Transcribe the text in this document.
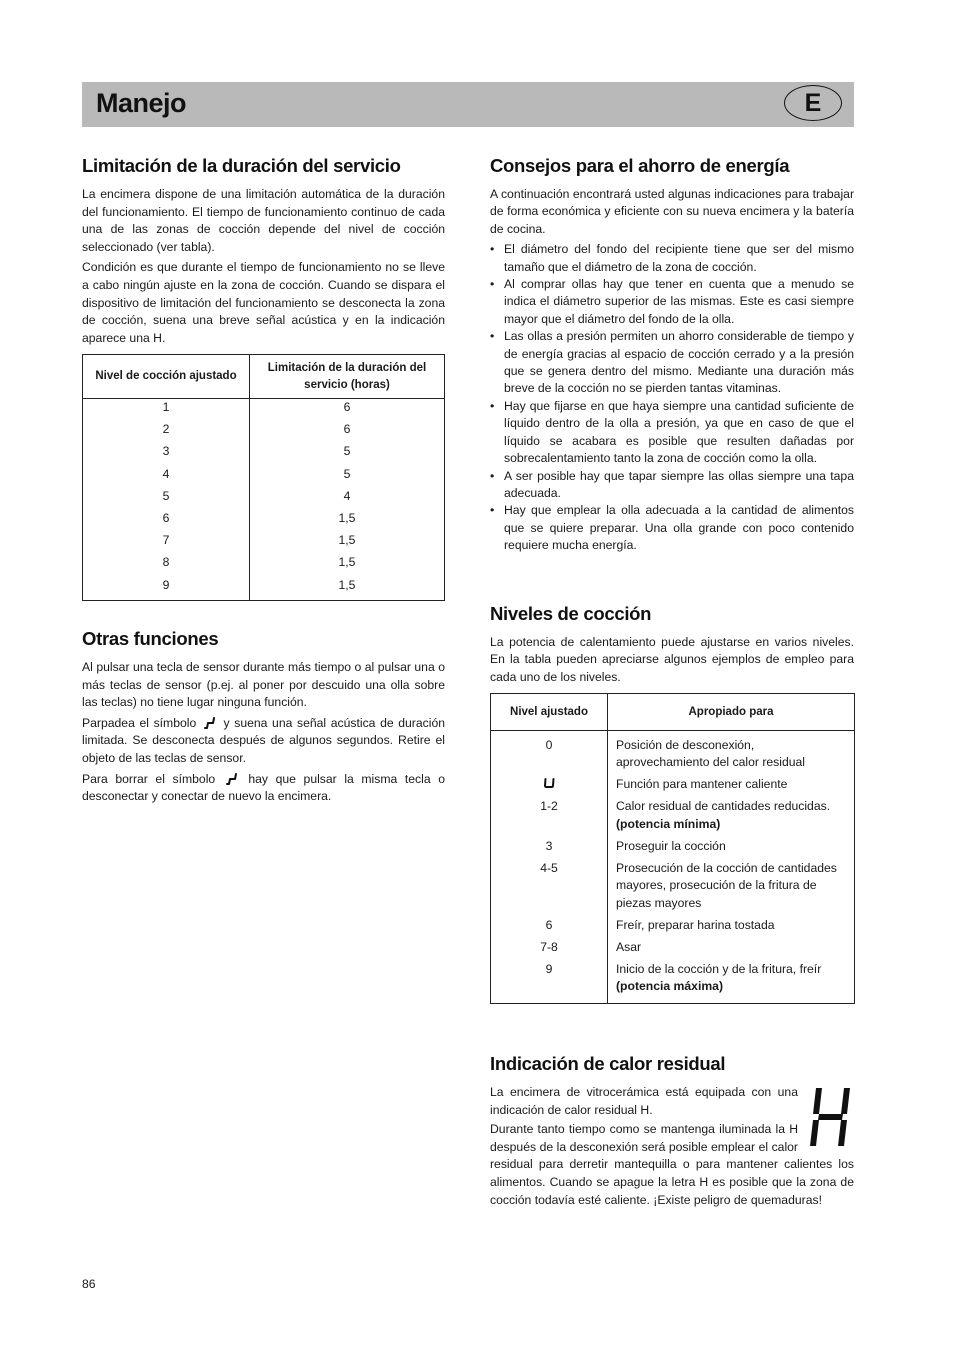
Manejo	E
Limitación de la duración del servicio

La encimera dispone de una limitación automática de la duración del funcionamiento. El tiempo de funcionamiento continuo de cada una de las zonas de cocción depende del nivel de cocción seleccionado (ver tabla).

Condición es que durante el tiempo de funcionamiento no se lleve a cabo ningún ajuste en la zona de cocción. Cuando se dispara el dispositivo de limitación del funcionamiento se desconecta la zona de cocción, suena una breve señal acústica y en la indicación aparece una H.

Nivel de cocción ajustado	Limitación de la duración del servicio (horas)
1	6
2	6
3	5
4	5
5	4
6	1,5
7	1,5
8	1,5
9	1,5
Otras funciones

Al pulsar una tecla de sensor durante más tiempo o al pulsar una o más teclas de sensor (p.ej. al poner por descuido una olla sobre las teclas) no tiene lugar ninguna función.

Parpadea el símbolo y suena una señal acústica de duración limitada. Se desconecta después de algunos segundos. Retire el objeto de las teclas de sensor.

Para borrar el símbolo	hay que pulsar la misma tecla o desconectar y conectar de nuevo la encimera.

Consejos para el ahorro de energía

A continuación encontrará usted algunas indicaciones para trabajar de forma económica y eficiente con su nueva encimera y la batería de cocina.

• El diámetro del fondo del recipiente tiene que ser del mismo tamaño que el diámetro de la zona de cocción.
• Al comprar ollas hay que tener en cuenta que a menudo se indica el diámetro superior de las mismas. Este es casi siempre mayor que el diámetro del fondo de la olla.
• Las ollas a presión permiten un ahorro considerable de tiempo y de energía gracias al espacio de cocción cerrado y a la presión que se genera dentro del mismo. Mediante una duración más breve de la cocción no se pierden tantas vitaminas.
• Hay que fijarse en que haya siempre una cantidad suficiente de líquido dentro de la olla a presión, ya que en caso de que el líquido se acabara es posible que resulten dañadas por sobrecalentamiento tanto la zona de cocción como la olla.
• A ser posible hay que tapar siempre las ollas siempre una tapa adecuada.
• Hay que emplear la olla adecuada a la cantidad de alimentos que se quiere preparar. Una olla grande con poco contenido requiere mucha energía.
Niveles de cocción

La potencia de calentamiento puede ajustarse en varios niveles. En la tabla pueden apreciarse algunos ejemplos de empleo para cada uno de los niveles.

Nivel ajustado	Apropiado para
0	Posición de desconexión, aprovechamiento del calor residual
	Función para mantener caliente
1-2	Calor residual de cantidades reducidas.
(potencia mínima)
3	Proseguir la cocción
4-5	Prosecución de la cocción de cantidades mayores, prosecución de la fritura de piezas mayores
6	Freír, preparar harina tostada
7-8	Asar
9	Inicio de la cocción y de la fritura, freír
(potencia máxima)
Indicación de calor residual

La encimera de vitrocerámica está equipada con una indicación de calor residual H.

Durante tanto tiempo como se mantenga iluminada la H después de la desconexión será posible emplear el calor residual para derretir mantequilla o para mantener calientes los alimentos. Cuando se apague la letra H es posible que la zona de cocción todavía esté caliente. ¡Existe peligro de quemaduras!

86
